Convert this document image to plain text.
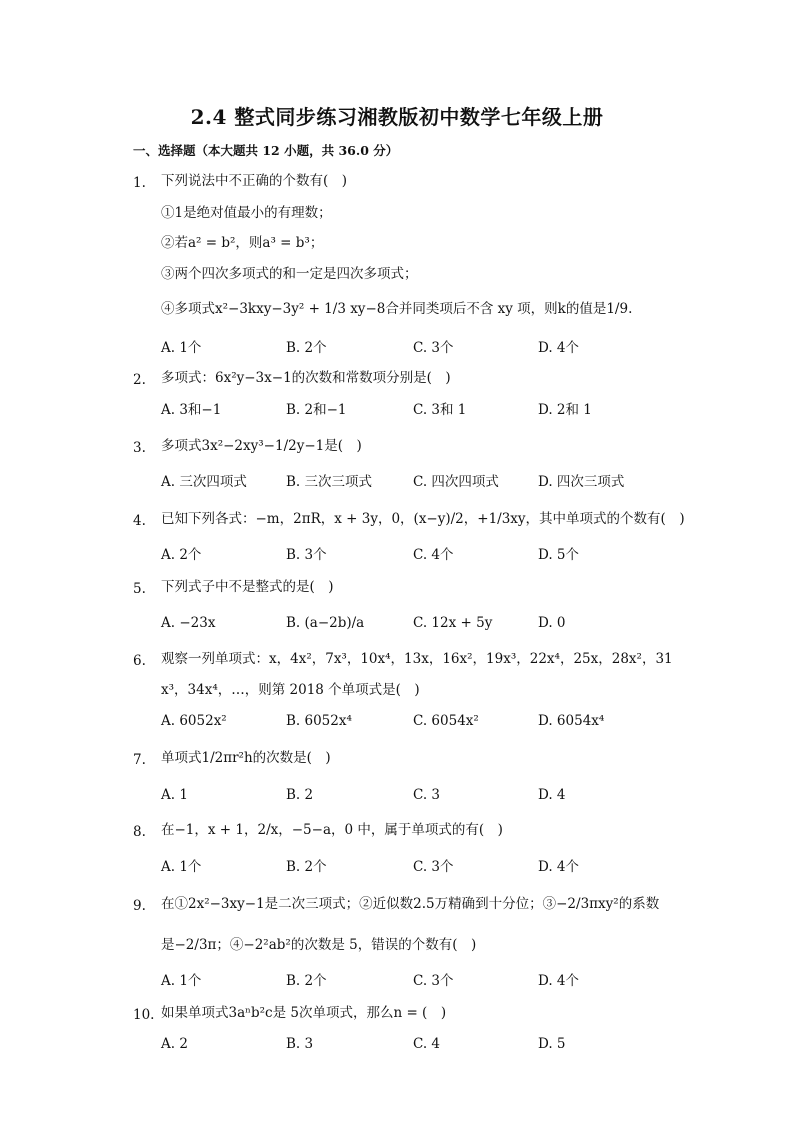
2.4 整式同步练习湘教版初中数学七年级上册
一、选择题（本大题共 12 小题，共 36.0 分）
1. 下列说法中不正确的个数有(　)
①1是绝对值最小的有理数；
②若a² = b²，则a³ = b³；
③两个四次多项式的和一定是四次多项式；
④多项式x²−3kxy−3y² + 1/3 xy−8合并同类项后不含 xy 项，则k的值是1/9.
A. 1个	B. 2个	C. 3个	D. 4个
2. 多项式：6x²y−3x−1的次数和常数项分别是(　)
A. 3和−1	B. 2和−1	C. 3和 1	D. 2和 1
3. 多项式3x²−2xy³−1/2y−1是(　)
A. 三次四项式	B. 三次三项式	C. 四次四项式	D. 四次三项式
4. 已知下列各式：−m，2πR，x + 3y，0，(x−y)/2，+1/3xy，其中单项式的个数有(　)
A. 2个	B. 3个	C. 4个	D. 5个
5. 下列式子中不是整式的是(　)
A. −23x	B. (a−2b)/a	C. 12x + 5y	D. 0
6. 观察一列单项式：x，4x²，7x³，10x⁴，13x，16x²，19x³，22x⁴，25x，28x²，31
x³，34x⁴，…，则第 2018 个单项式是(　)
A. 6052x²	B. 6052x⁴	C. 6054x²	D. 6054x⁴
7. 单项式1/2πr²h的次数是(　)
A. 1	B. 2	C. 3	D. 4
8. 在−1，x + 1，2/x，−5−a，0 中，属于单项式的有(　)
A. 1个	B. 2个	C. 3个	D. 4个
9. 在①2x²−3xy−1是二次三项式；②近似数2.5万精确到十分位；③−2/3πxy²的系数
是−2/3π；④−2²ab²的次数是 5，错误的个数有(　)
A. 1个	B. 2个	C. 3个	D. 4个
10. 如果单项式3aⁿb²c是 5次单项式，那么n = (　)
A. 2	B. 3	C. 4	D. 5
